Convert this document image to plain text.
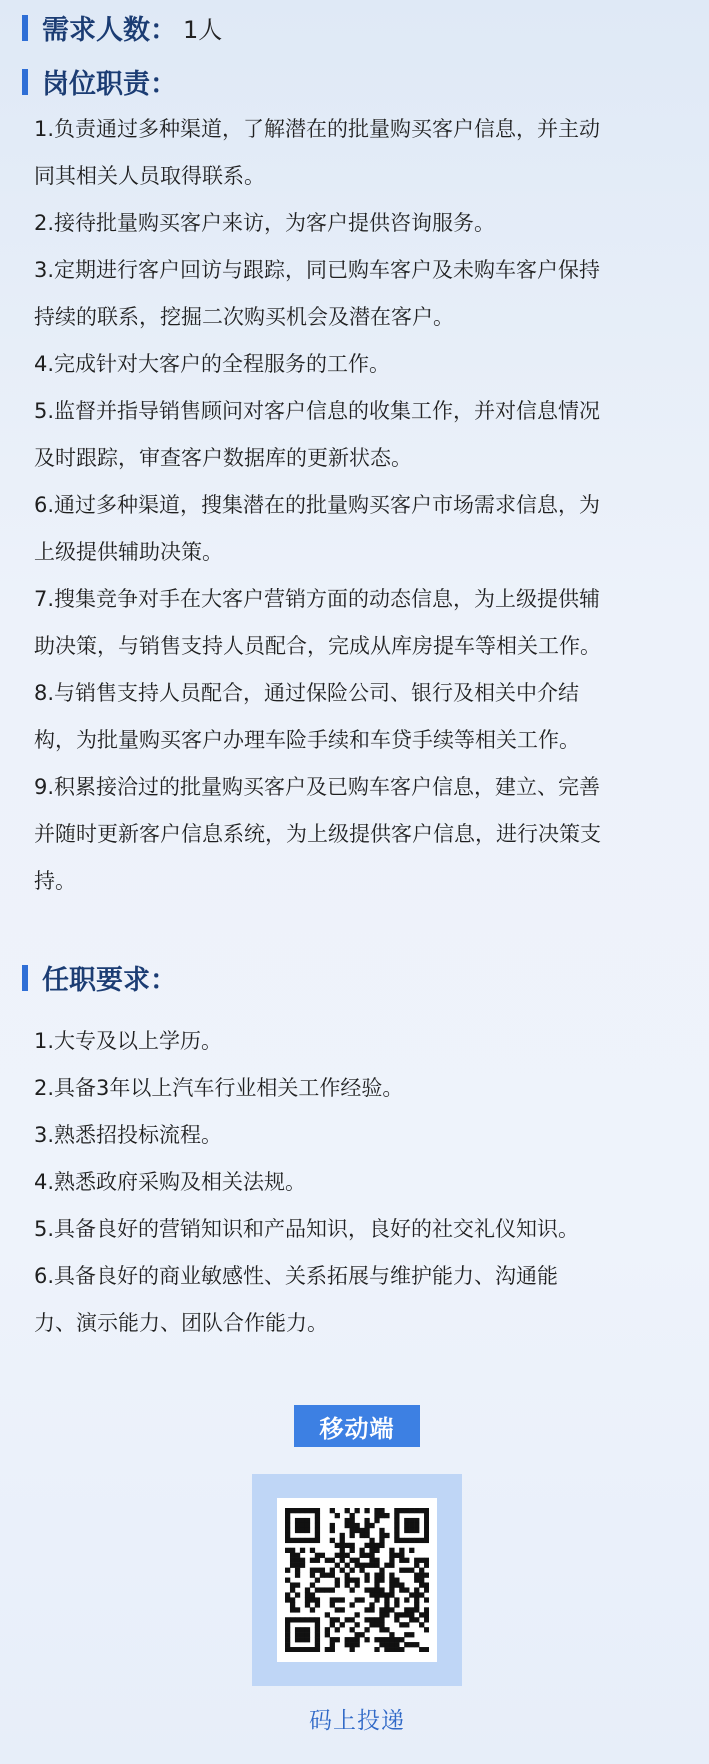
需求人数： 1人
岗位职责：
1.负责通过多种渠道，了解潜在的批量购买客户信息，并主动
同其相关人员取得联系。
2.接待批量购买客户来访，为客户提供咨询服务。
3.定期进行客户回访与跟踪，同已购车客户及未购车客户保持
持续的联系，挖掘二次购买机会及潜在客户。
4.完成针对大客户的全程服务的工作。
5.监督并指导销售顾问对客户信息的收集工作，并对信息情况
及时跟踪，审查客户数据库的更新状态。
6.通过多种渠道，搜集潜在的批量购买客户市场需求信息，为
上级提供辅助决策。
7.搜集竞争对手在大客户营销方面的动态信息，为上级提供辅
助决策，与销售支持人员配合，完成从库房提车等相关工作。
8.与销售支持人员配合，通过保险公司、银行及相关中介结
构，为批量购买客户办理车险手续和车贷手续等相关工作。
9.积累接洽过的批量购买客户及已购车客户信息，建立、完善
并随时更新客户信息系统，为上级提供客户信息，进行决策支
持。
任职要求：
1.大专及以上学历。
2.具备3年以上汽车行业相关工作经验。
3.熟悉招投标流程。
4.熟悉政府采购及相关法规。
5.具备良好的营销知识和产品知识，良好的社交礼仪知识。
6.具备良好的商业敏感性、关系拓展与维护能力、沟通能
力、演示能力、团队合作能力。
移动端
码上投递
